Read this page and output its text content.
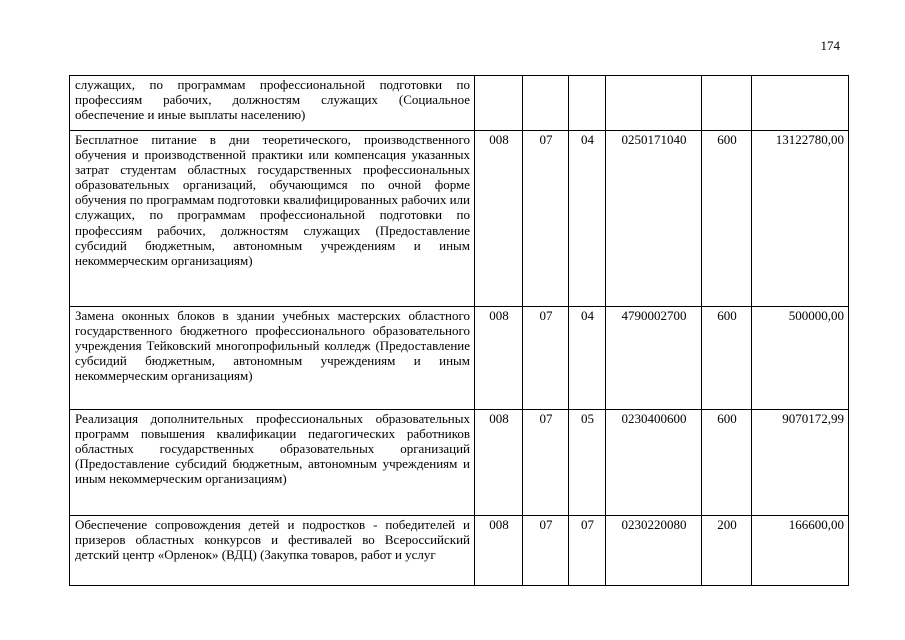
174
служащих, по программам профессиональной подготовки по профессиям рабочих, должностям служащих (Социальное обеспечение и иные выплаты населению)						
Бесплатное питание в дни теоретического, производственного обучения и производственной практики или компенсация указанных затрат студентам областных государственных профессиональных образовательных организаций, обучающимся по очной форме обучения по программам подготовки квалифицированных рабочих или служащих, по программам профессиональной подготовки по профессиям рабочих, должностям служащих (Предоставление субсидий бюджетным, автономным учреждениям и иным некоммерческим организациям)	008	07	04	0250171040	600	13122780,00
Замена оконных блоков в здании учебных мастерских областного государственного бюджетного профессионального образовательного учреждения Тейковский многопрофильный колледж (Предоставление субсидий бюджетным, автономным учреждениям и иным некоммерческим организациям)	008	07	04	4790002700	600	500000,00
Реализация дополнительных профессиональных образовательных программ повышения квалификации педагогических работников областных государственных образовательных организаций (Предоставление субсидий бюджетным, автономным учреждениям и иным некоммерческим организациям)	008	07	05	0230400600	600	9070172,99
Обеспечение сопровождения детей и подростков - победителей и призеров областных конкурсов и фестивалей во Всероссийский детский центр «Орленок» (ВДЦ) (Закупка товаров, работ и услуг	008	07	07	0230220080	200	166600,00
